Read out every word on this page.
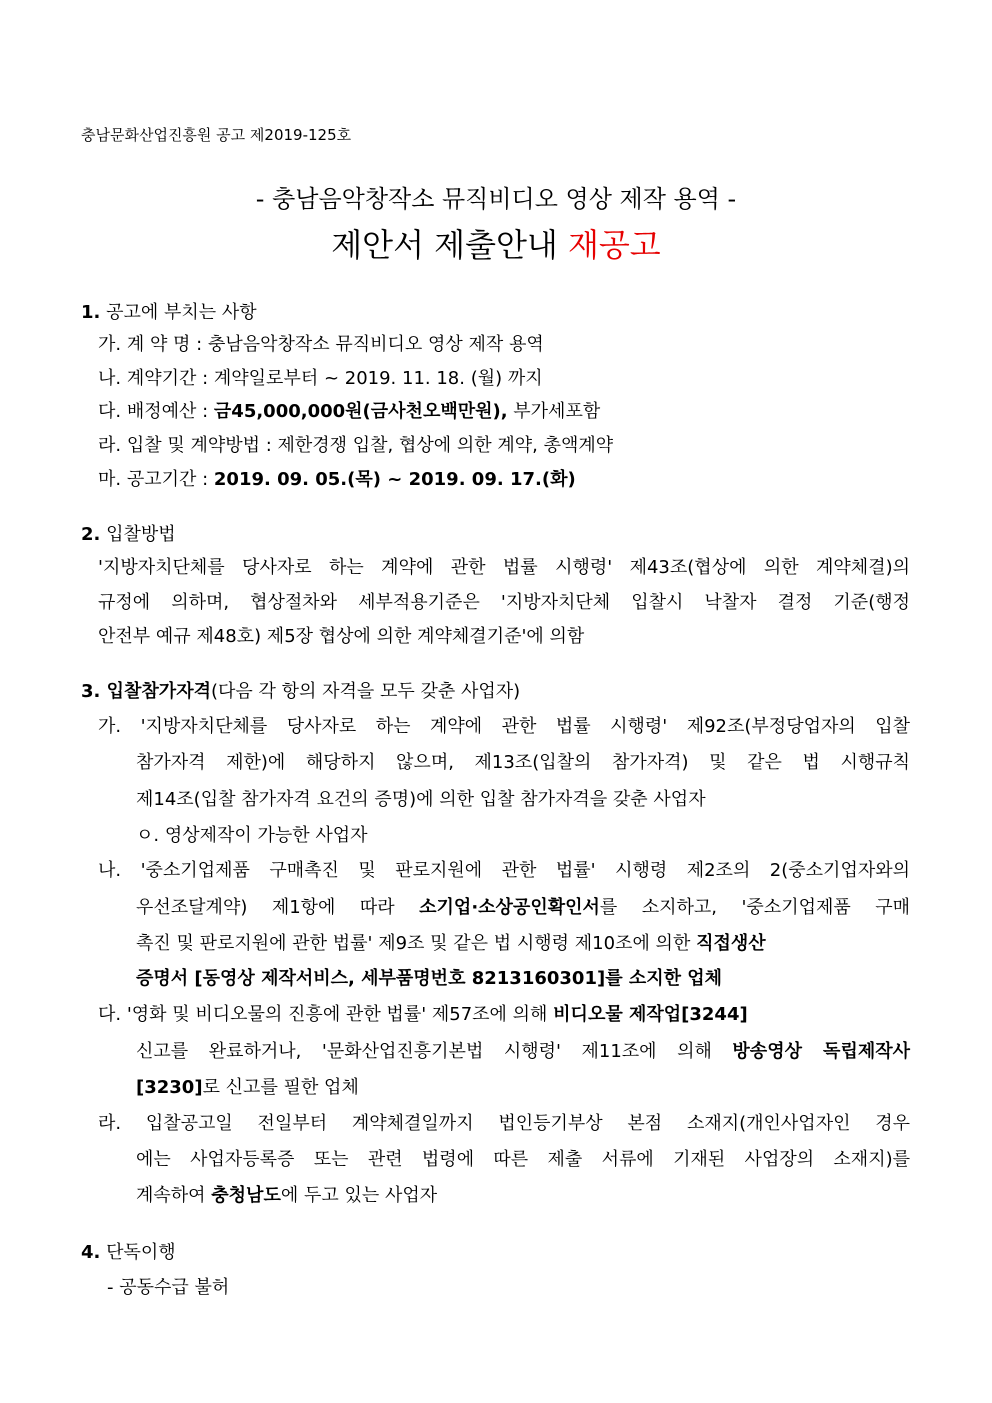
충남문화산업진흥원 공고 제2019-125호
- 충남음악창작소 뮤직비디오 영상 제작 용역 -
제안서 제출안내 재공고
1. 공고에 부치는 사항
가. 계 약 명 : 충남음악창작소 뮤직비디오 영상 제작 용역
나. 계약기간 : 계약일로부터 ~ 2019. 11. 18. (월) 까지
다. 배정예산 : 금45,000,000원(금사천오백만원), 부가세포함
라. 입찰 및 계약방법 : 제한경쟁 입찰, 협상에 의한 계약, 총액계약
마. 공고기간 : 2019. 09. 05.(목) ~ 2019. 09. 17.(화)
2. 입찰방법
'지방자치단체를 당사자로 하는 계약에 관한 법률 시행령' 제43조(협상에 의한 계약체결)의
규정에 의하며, 협상절차와 세부적용기준은 '지방자치단체 입찰시 낙찰자 결정 기준(행정
안전부 예규 제48호) 제5장 협상에 의한 계약체결기준'에 의함
3. 입찰참가자격(다음 각 항의 자격을 모두 갖춘 사업자)
가. '지방자치단체를 당사자로 하는 계약에 관한 법률 시행령' 제92조(부정당업자의 입찰
참가자격 제한)에 해당하지 않으며, 제13조(입찰의 참가자격) 및 같은 법 시행규칙
제14조(입찰 참가자격 요건의 증명)에 의한 입찰 참가자격을 갖춘 사업자
ㅇ. 영상제작이 가능한 사업자
나. '중소기업제품 구매촉진 및 판로지원에 관한 법률' 시행령 제2조의 2(중소기업자와의
우선조달계약) 제1항에 따라 소기업·소상공인확인서를 소지하고, '중소기업제품 구매
촉진 및 판로지원에 관한 법률' 제9조 및 같은 법 시행령 제10조에 의한 직접생산
증명서 [동영상 제작서비스, 세부품명번호 8213160301]를 소지한 업체
다. '영화 및 비디오물의 진흥에 관한 법률' 제57조에 의해 비디오물 제작업[3244]
신고를 완료하거나, '문화산업진흥기본법 시행령' 제11조에 의해 방송영상 독립제작사
[3230]로 신고를 필한 업체
라. 입찰공고일 전일부터 계약체결일까지 법인등기부상 본점 소재지(개인사업자인 경우
에는 사업자등록증 또는 관련 법령에 따른 제출 서류에 기재된 사업장의 소재지)를
계속하여 충청남도에 두고 있는 사업자
4. 단독이행
- 공동수급 불허
